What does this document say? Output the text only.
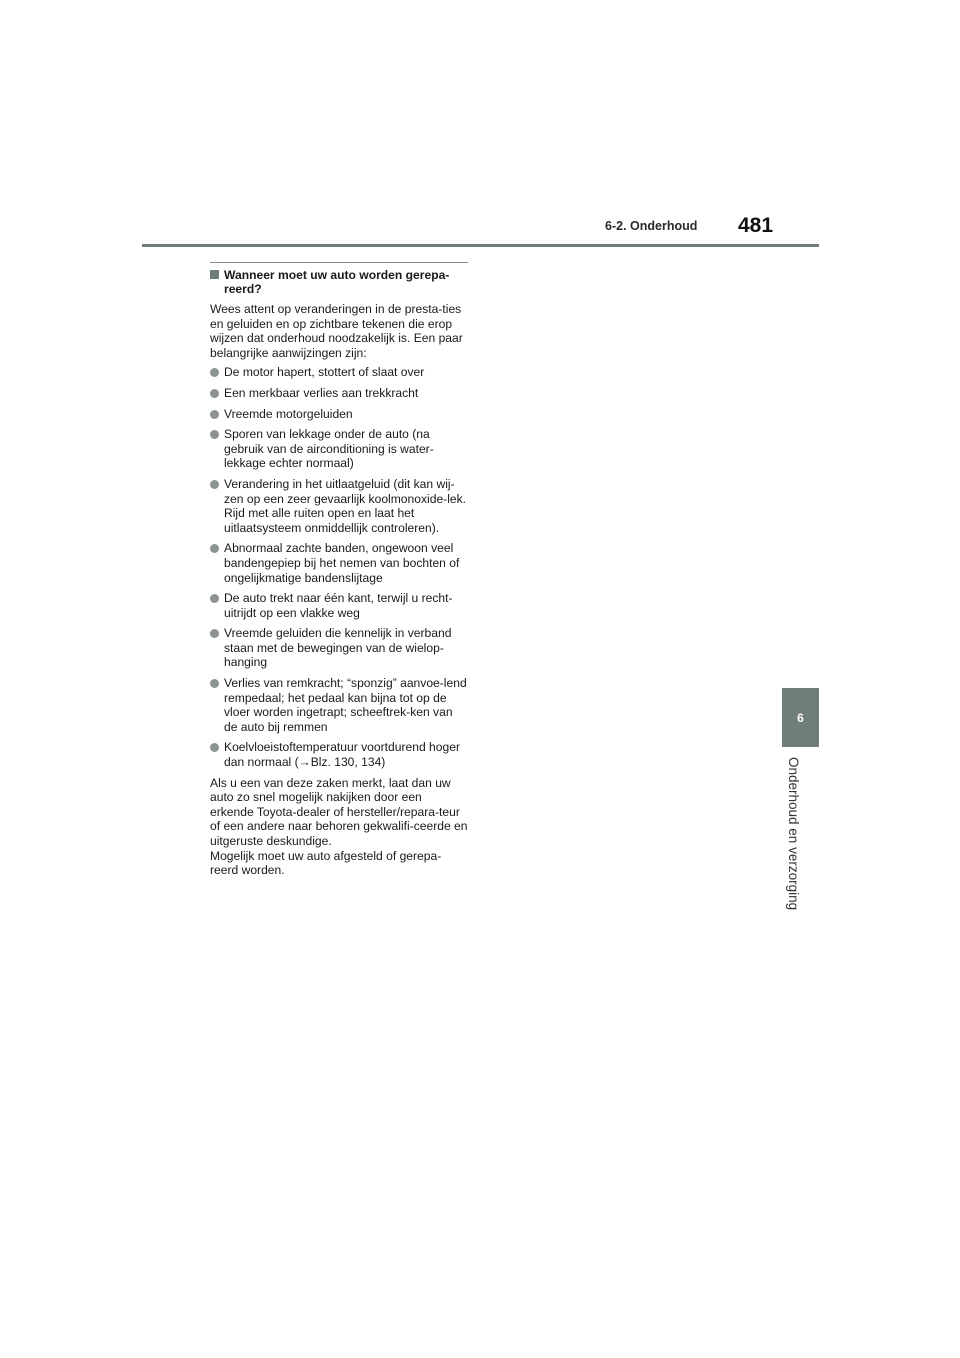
6-2. Onderhoud 481
6
Onderhoud en verzorging
Wanneer moet uw auto worden gerepa-reerd?

Wees attent op veranderingen in de presta-ties en geluiden en op zichtbare tekenen die erop wijzen dat onderhoud noodzakelijk is. Een paar belangrijke aanwijzingen zijn:

De motor hapert, stottert of slaat over
Een merkbaar verlies aan trekkracht
Vreemde motorgeluiden
Sporen van lekkage onder de auto (na gebruik van de airconditioning is water-lekkage echter normaal)
Verandering in het uitlaatgeluid (dit kan wij-zen op een zeer gevaarlijk koolmonoxide-lek. Rijd met alle ruiten open en laat het uitlaatsysteem onmiddellijk controleren).
Abnormaal zachte banden, ongewoon veel bandengepiep bij het nemen van bochten of ongelijkmatige bandenslijtage
De auto trekt naar één kant, terwijl u recht-uitrijdt op een vlakke weg
Vreemde geluiden die kennelijk in verband staan met de bewegingen van de wielop-hanging
Verlies van remkracht; “sponzig” aanvoe-lend rempedaal; het pedaal kan bijna tot op de vloer worden ingetrapt; scheeftrek-ken van de auto bij remmen
Koelvloeistoftemperatuur voortdurend hoger dan normaal (→Blz. 130, 134)

Als u een van deze zaken merkt, laat dan uw auto zo snel mogelijk nakijken door een erkende Toyota-dealer of hersteller/repara-teur of een andere naar behoren gekwalifi-ceerde en uitgeruste deskundige.

Mogelijk moet uw auto afgesteld of gerepa-reerd worden.
